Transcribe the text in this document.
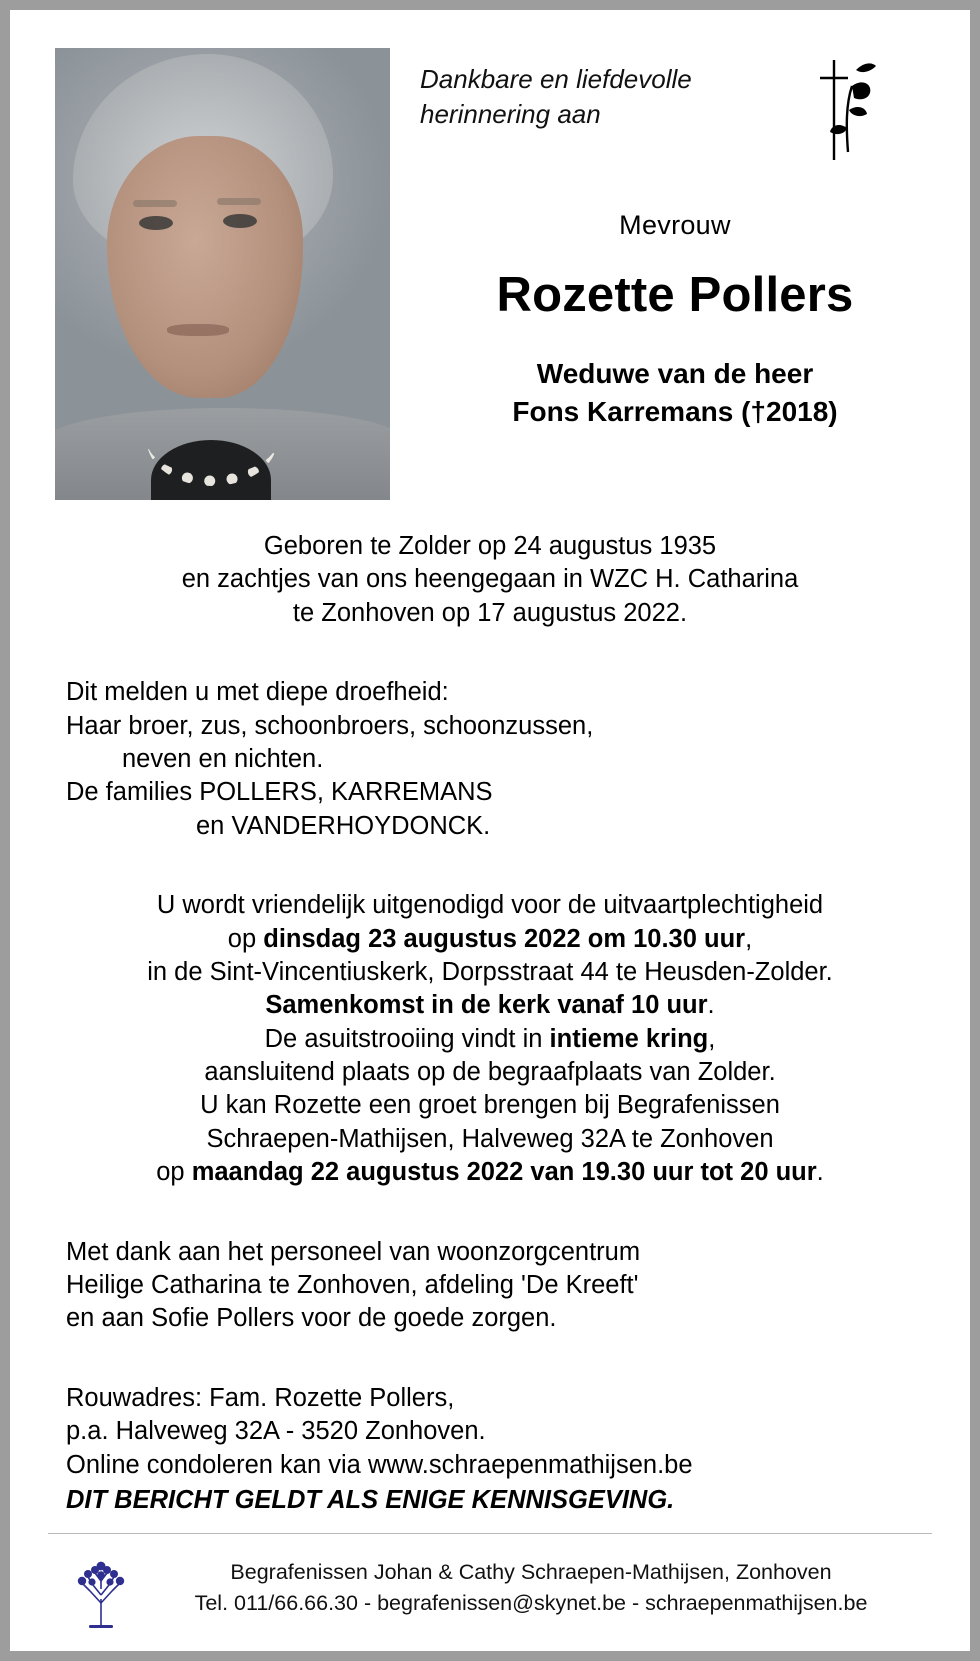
Dankbare en liefdevolle herinnering aan
Mevrouw
Rozette Pollers
Weduwe van de heer
Fons Karremans (†2018)
Geboren te Zolder op 24 augustus 1935
en zachtjes van ons heengegaan in WZC H. Catharina
te Zonhoven op 17 augustus 2022.
Dit melden u met diepe droefheid:
Haar broer, zus, schoonbroers, schoonzussen,
neven en nichten.
De families POLLERS, KARREMANS
en VANDERHOYDONCK.
U wordt vriendelijk uitgenodigd voor de uitvaartplechtigheid
op dinsdag 23 augustus 2022 om 10.30 uur,
in de Sint-Vincentiuskerk, Dorpsstraat 44 te Heusden-Zolder.
Samenkomst in de kerk vanaf 10 uur.
De asuitstrooiing vindt in intieme kring,
aansluitend plaats op de begraafplaats van Zolder.
U kan Rozette een groet brengen bij Begrafenissen
Schraepen-Mathijsen, Halveweg 32A te Zonhoven
op maandag 22 augustus 2022 van 19.30 uur tot 20 uur.
Met dank aan het personeel van woonzorgcentrum
Heilige Catharina te Zonhoven, afdeling 'De Kreeft'
en aan Sofie Pollers voor de goede zorgen.
Rouwadres: Fam. Rozette Pollers,
p.a. Halveweg 32A - 3520 Zonhoven.
Online condoleren kan via www.schraepenmathijsen.be
DIT BERICHT GELDT ALS ENIGE KENNISGEVING.
Begrafenissen Johan & Cathy Schraepen-Mathijsen, Zonhoven
Tel. 011/66.66.30 - begrafenissen@skynet.be - schraepenmathijsen.be
